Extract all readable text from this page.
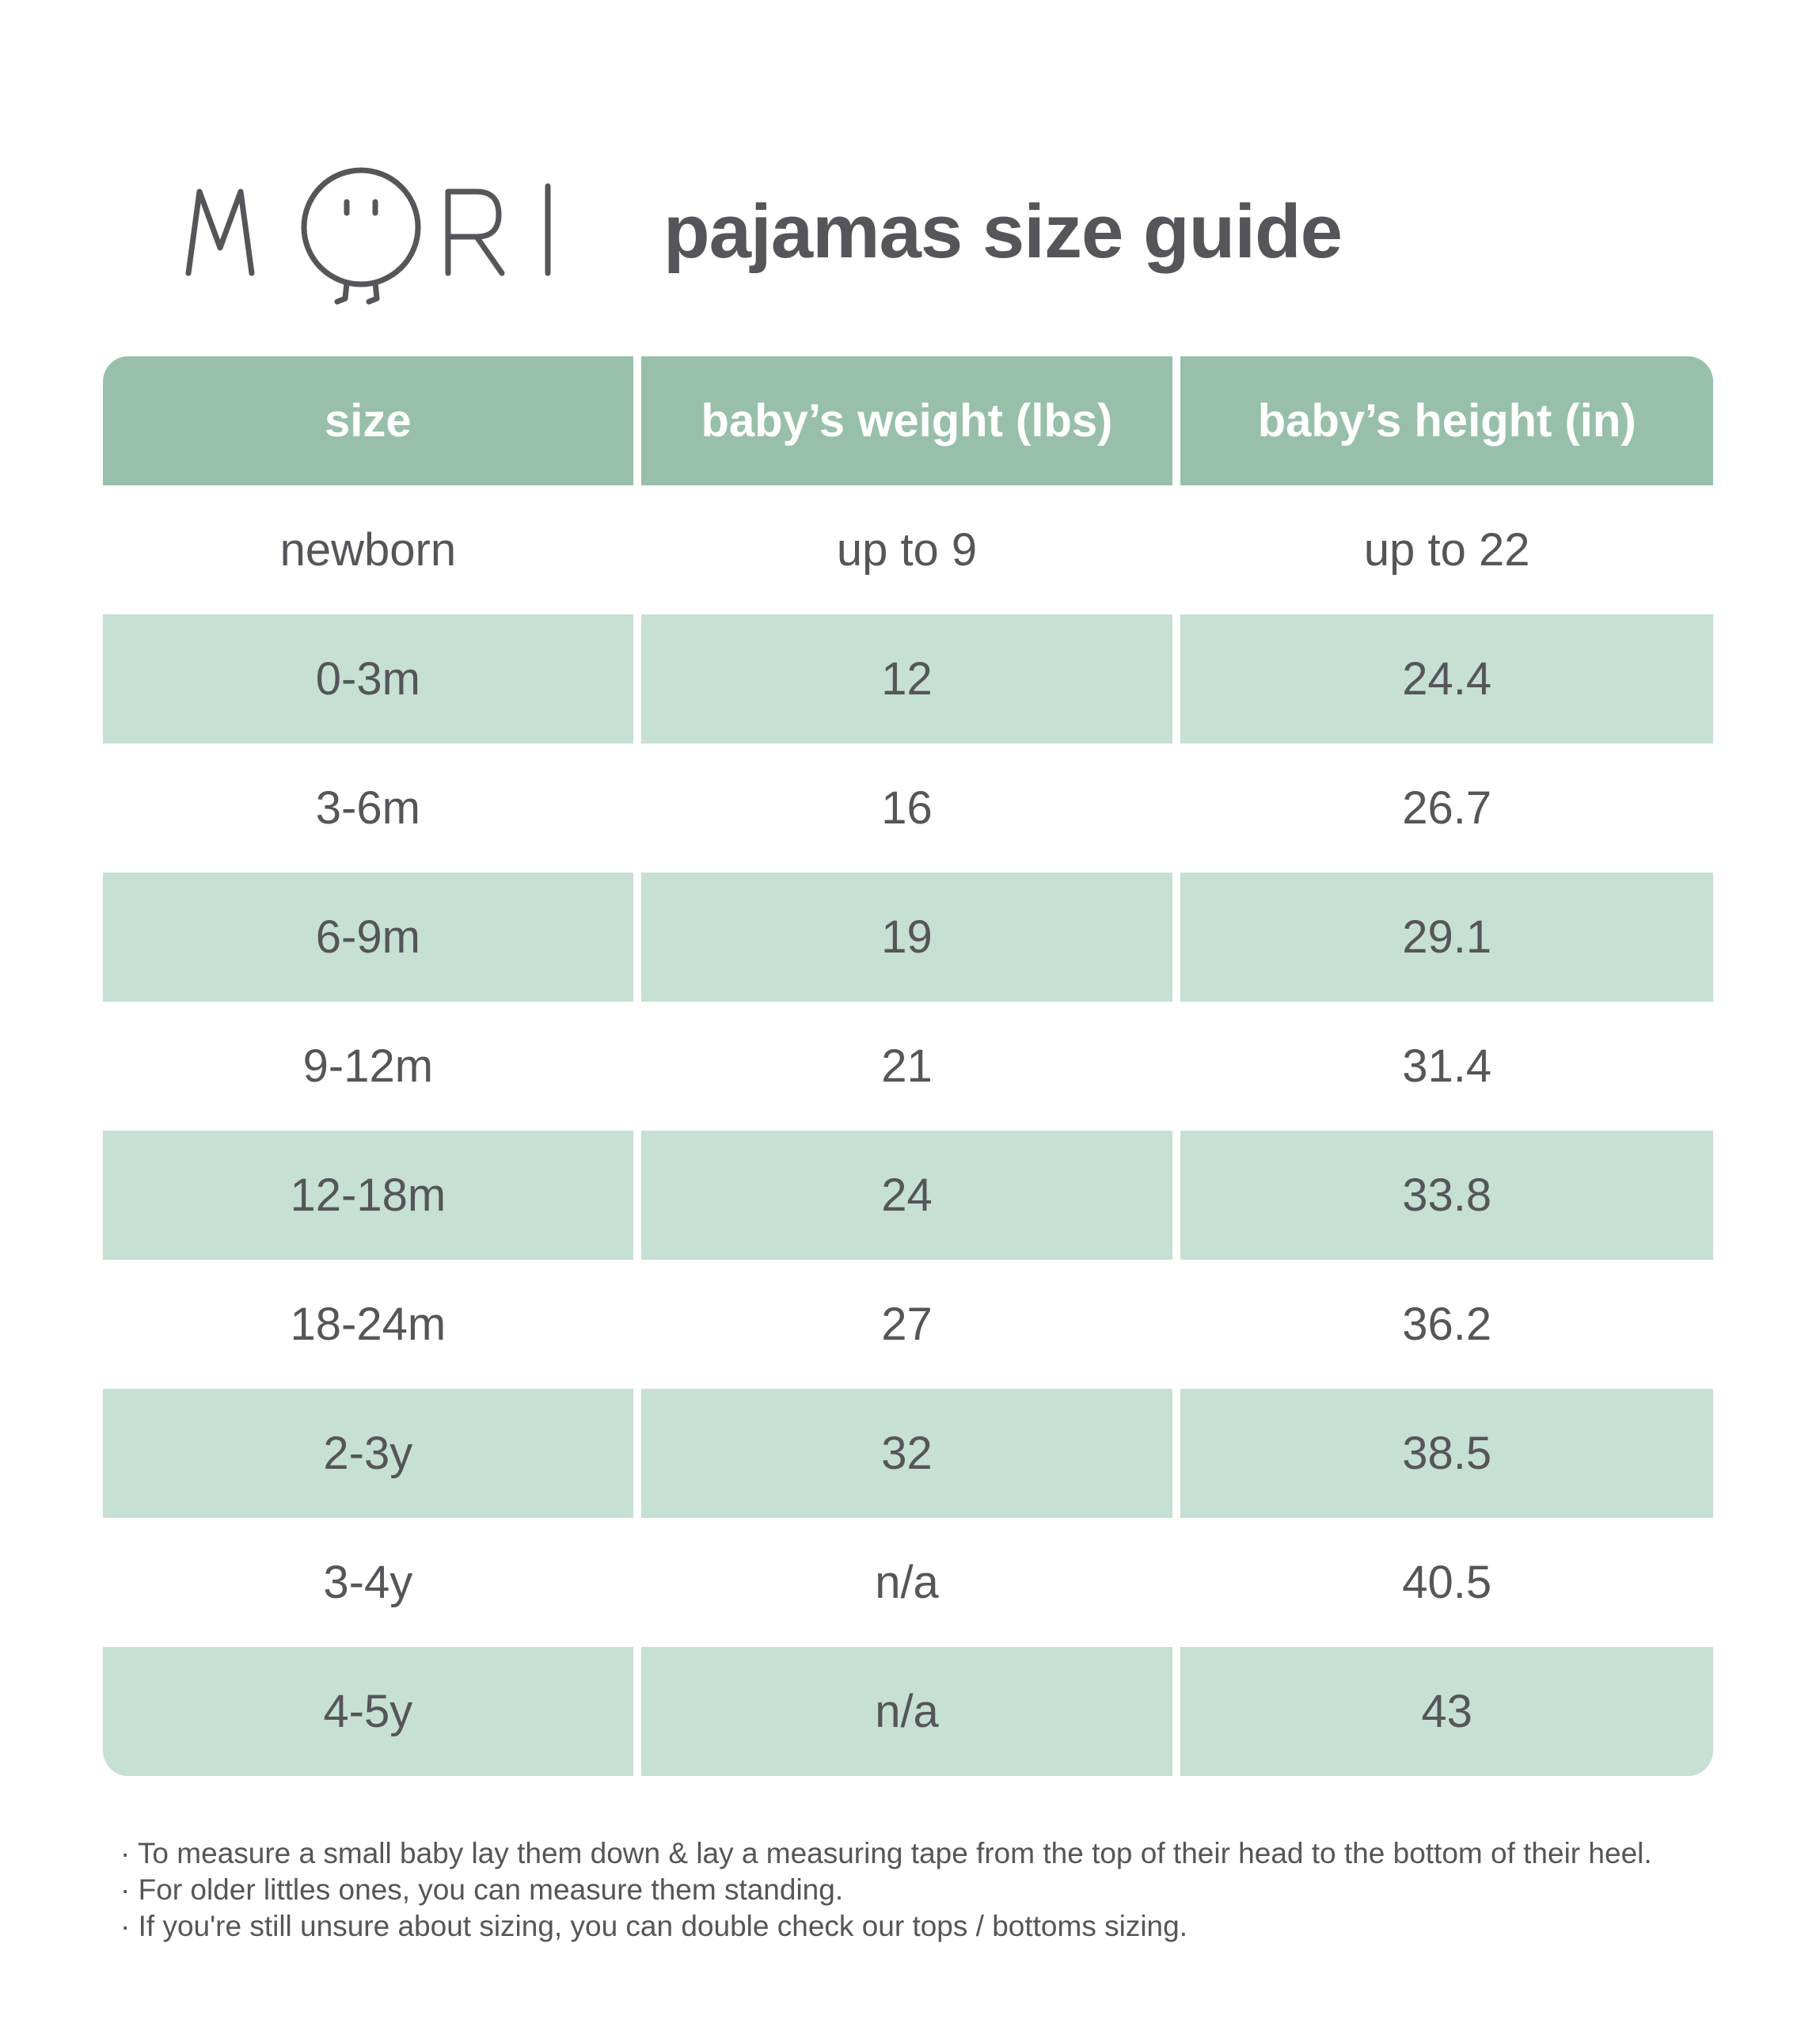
pajamas size guide
size	baby’s weight (lbs)	baby’s height (in)
newborn	up to 9	up to 22
0-3m	12	24.4
3-6m	16	26.7
6-9m	19	29.1
9-12m	21	31.4
12-18m	24	33.8
18-24m	27	36.2
2-3y	32	38.5
3-4y	n/a	40.5
4-5y	n/a	43
· To measure a small baby lay them down & lay a measuring tape from the top of their head to the bottom of their heel.
· For older littles ones, you can measure them standing.
· If you're still unsure about sizing, you can double check our tops / bottoms sizing.
